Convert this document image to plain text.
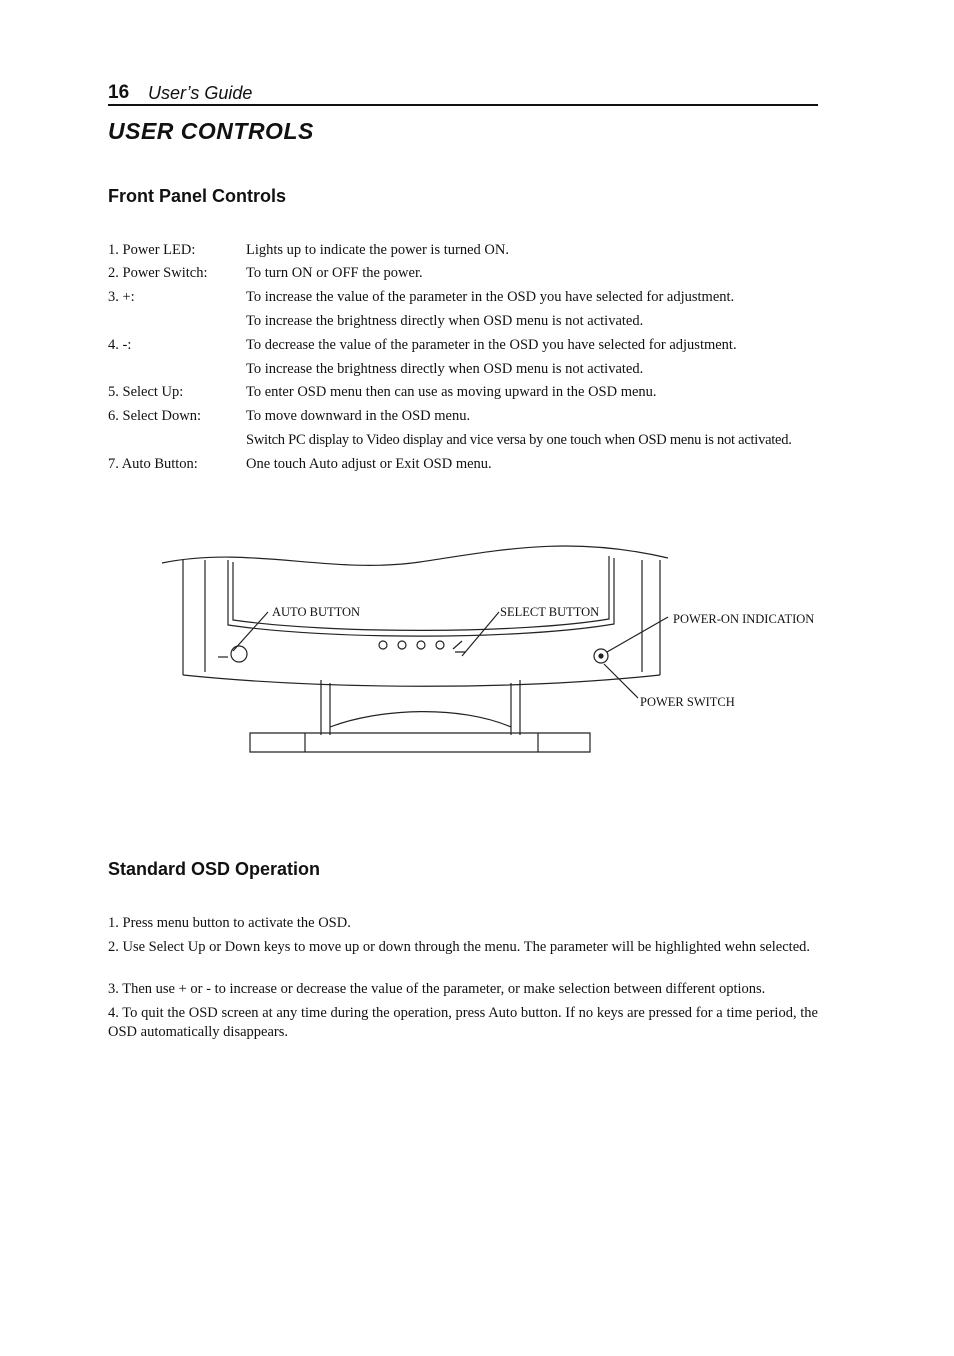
16 User’s Guide
USER CONTROLS
Front Panel Controls
1. Power LED:	Lights up to indicate the power is turned ON.
2. Power Switch:	To turn ON or OFF the power.
3. +:	To increase the value of the parameter in the OSD you have selected for adjustment.
To increase the brightness directly when OSD menu is not activated.
4. -:	To decrease the value of the parameter in the OSD you have selected for adjustment.
To increase the brightness directly when OSD menu is not activated.
5. Select Up:	To enter OSD menu then can use as moving upward in the OSD menu.
6. Select Down:	To move downward in the OSD menu.
Switch PC display to Video display and vice versa by one touch when OSD menu is not activated.
7. Auto Button:	One touch Auto adjust or Exit OSD menu.
AUTO BUTTON	SELECT BUTTON	POWER-ON INDICATION
POWER SWITCH
Standard OSD Operation

1. Press menu button to activate the OSD.

2. Use Select Up or Down keys to move up or down through the menu. The parameter will be highlighted wehn selected.

3. Then use + or - to increase or decrease the value of the parameter, or make selection between different options.

4. To quit the OSD screen at any time during the operation, press Auto button. If no keys are pressed for a time period, the OSD automatically disappears.
